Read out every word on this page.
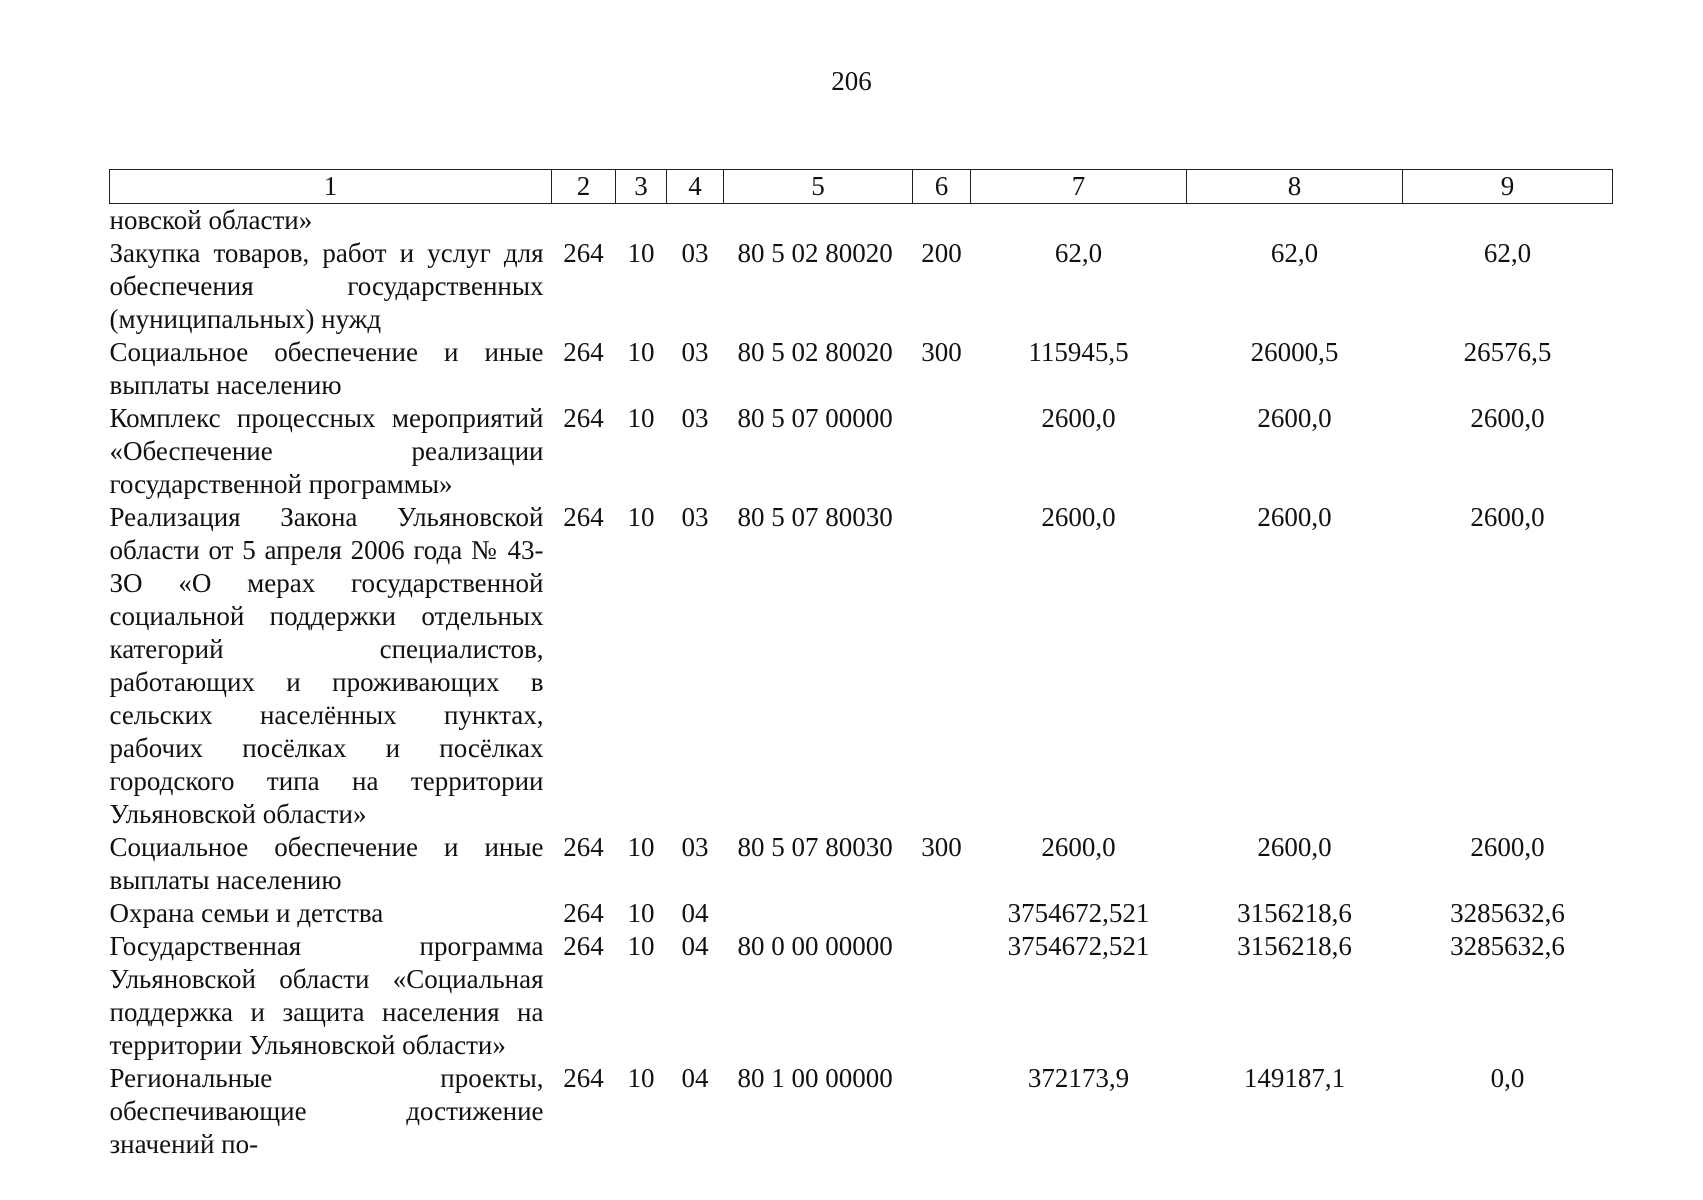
206
1	2	3	4	5	6	7	8	9
новской области»								
Закупка товаров, работ и услуг для обеспечения государственных (муниципальных) нужд	264	10	03	80 5 02 80020	200	62,0	62,0	62,0
Социальное обеспечение и иные выплаты населению	264	10	03	80 5 02 80020	300	115945,5	26000,5	26576,5
Комплекс процессных мероприятий «Обеспечение реализации государственной программы»	264	10	03	80 5 07 00000		2600,0	2600,0	2600,0
Реализация Закона Ульяновской области от 5 апреля 2006 года № 43-ЗО «О мерах государственной социальной поддержки отдельных категорий специалистов, работающих и проживающих в сельских населённых пунктах, рабочих посёлках и посёлках городского типа на территории Ульяновской области»	264	10	03	80 5 07 80030		2600,0	2600,0	2600,0
Социальное обеспечение и иные выплаты населению	264	10	03	80 5 07 80030	300	2600,0	2600,0	2600,0
Охрана семьи и детства	264	10	04			3754672,521	3156218,6	3285632,6
Государственная программа Ульяновской области «Социальная поддержка и защита населения на территории Ульяновской области»	264	10	04	80 0 00 00000		3754672,521	3156218,6	3285632,6
Региональные проекты, обеспечивающие достижение значений по-	264	10	04	80 1 00 00000		372173,9	149187,1	0,0
